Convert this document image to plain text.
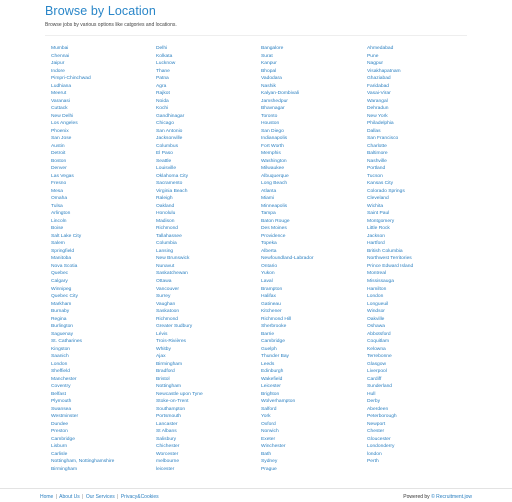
Browse by Location

Browse jobs by various options like catgories and locations.

Mumbai
Chennai
Jaipur
Indore
Pimpri-Chinchwad
Ludhiana
Meerut
Varanasi
Cuttack
New Delhi
Los Angeles
Phoenix
San Jose
Austin
Detroit
Boston
Denver
Las Vegas
Fresno
Mesa
Omaha
Tulsa
Arlington
Lincoln
Boise
Salt Lake City
Salem
Springfield
Manitoba
Nova Scotia
Quebec
Calgary
Winnipeg
Quebec City
Markham
Burnaby
Regina
Burlington
Saguenay
St. Catharines
Kingston
Saanich
London
Sheffield
Manchester
Coventry
Belfast
Plymouth
Swansea
Westminster
Dundee
Preston
Cambridge
Lisburn
Carlisle
Nottingham, Nottinghamshire
Birmingham
Delhi
Kolkata
Lucknow
Thane
Patna
Agra
Rajkot
Noida
Kochi
Gandhinagar
Chicago
San Antonio
Jacksonville
Columbus
El Paso
Seattle
Louisville
Oklahoma City
Sacramento
Virginia Beach
Raleigh
Oakland
Honolulu
Madison
Richmond
Tallahassee
Columbia
Lansing
New Brunswick
Nunavut
Saskatchewan
Ottawa
Vancouver
Surrey
Vaughan
Saskatoon
Richmond
Greater Sudbury
Lévis
Trois-Rivières
Whitby
Ajax
Birmingham
Bradford
Bristol
Nottingham
Newcastle upon Tyne
Stoke-on-Trent
Southampton
Portsmouth
Lancaster
St Albans
Salisbury
Chichester
Worcester
melbourne
leicester
Bangalore
Surat
Kanpur
Bhopal
Vadodara
Nashik
Kalyan-Dombivali
Jamshedpur
Bhavnagar
Toronto
Houston
San Diego
Indianapolis
Fort Worth
Memphis
Washington
Milwaukee
Albuquerque
Long Beach
Atlanta
Miami
Minneapolis
Tampa
Baton Rouge
Des Moines
Providence
Topeka
Alberta
Newfoundland-Labrador
Ontario
Yukon
Laval
Brampton
Halifax
Gatineau
Kitchener
Richmond Hill
Sherbrooke
Barrie
Cambridge
Guelph
Thunder Bay
Leeds
Edinburgh
Wakefield
Leicester
Brighton
Wolverhampton
Salford
York
Oxford
Norwich
Exeter
Winchester
Bath
Sydney
Prague
Ahmedabad
Pune
Nagpur
Visakhapatnam
Ghaziabad
Faridabad
Vasai-Virar
Warangal
Dehradun
New York
Philadelphia
Dallas
San Francisco
Charlotte
Baltimore
Nashville
Portland
Tucson
Kansas City
Colorado Springs
Cleveland
Wichita
Saint Paul
Montgomery
Little Rock
Jackson
Hartford
British Columbia
Northwest Territories
Prince Edward Island
Montreal
Mississauga
Hamilton
London
Longueuil
Windsor
Oakville
Oshawa
Abbotsford
Coquitlam
Kelowna
Terrebonne
Glasgow
Liverpool
Cardiff
Sunderland
Hull
Derby
Aberdeen
Peterborough
Newport
Chester
Gloucester
Londonderry
london
Perth
Home | About Us | Our Services | Privacy&Cookies	Powered by © Recruitment.jow
